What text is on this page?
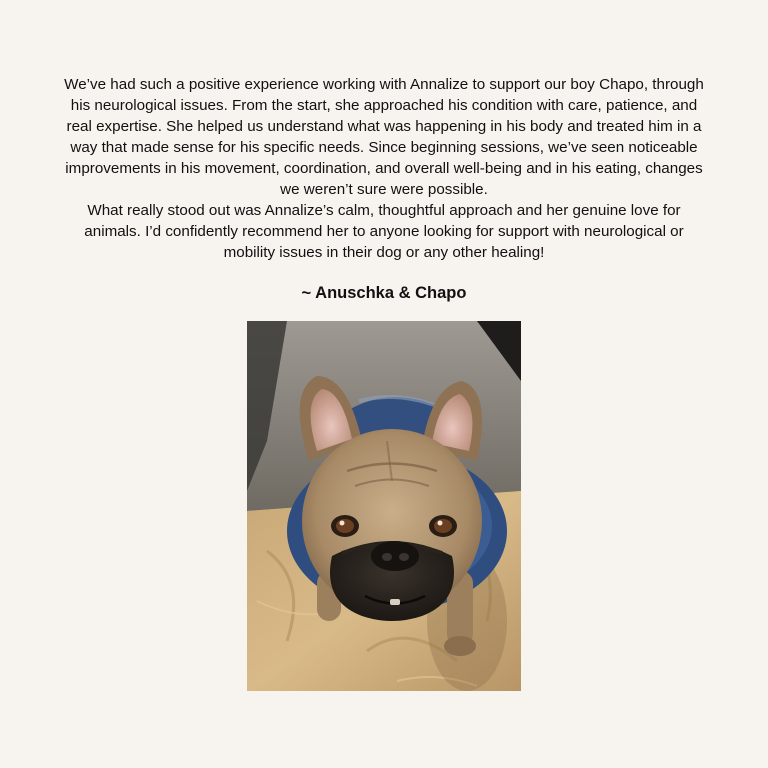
We’ve had such a positive experience working with Annalize to support our boy Chapo, through his neurological issues. From the start, she approached his condition with care, patience, and real expertise. She helped us understand what was happening in his body and treated him in a way that made sense for his specific needs. Since beginning sessions, we’ve seen noticeable improvements in his movement, coordination, and overall well-being and in his eating, changes we weren’t sure were possible.

What really stood out was Annalize’s calm, thoughtful approach and her genuine love for animals. I’d confidently recommend her to anyone looking for support with neurological or mobility issues in their dog or any other healing!

~ Anuschka & Chapo
